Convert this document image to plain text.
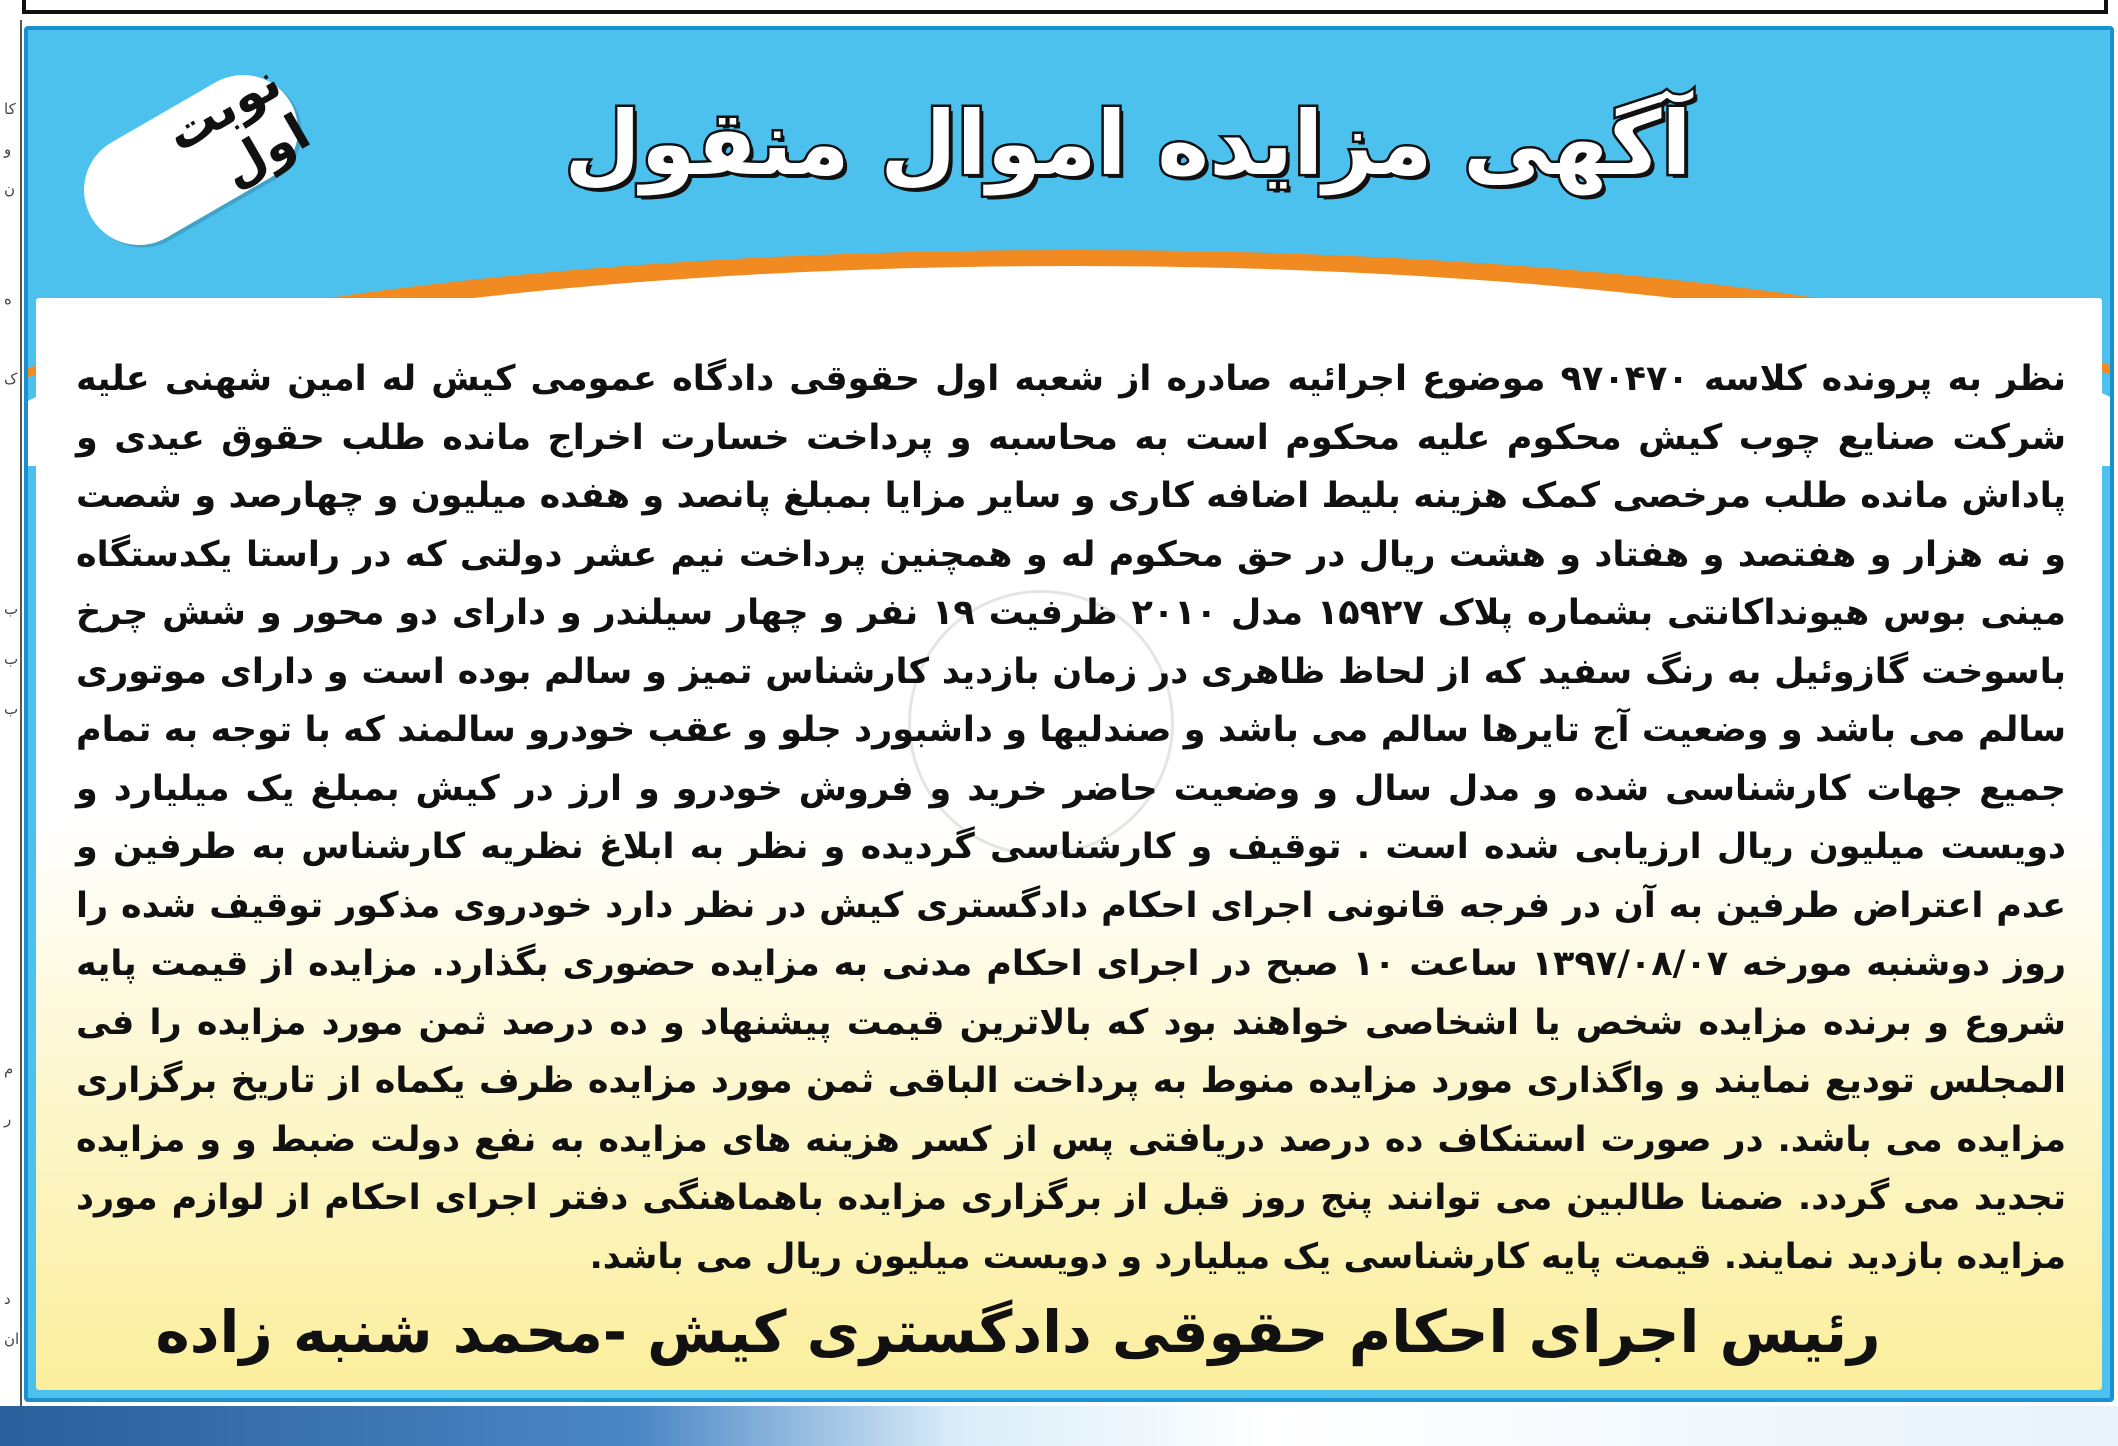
کا
و
ن
ه
ک
ب
ب
ب
م
ر
د
ان
نوبت اول	آگهی مزایده اموال منقول
نظر به پرونده کلاسه ۹۷۰۴۷۰ موضوع اجرائیه صادره از شعبه اول حقوقی دادگاه عمومی کیش له امین شهنی علیه شرکت صنایع چوب کیش محکوم علیه محکوم است به محاسبه و پرداخت خسارت اخراج مانده طلب حقوق عیدی و پاداش مانده طلب مرخصی کمک هزینه بلیط اضافه کاری و سایر مزایا بمبلغ پانصد و هفده میلیون و چهارصد و شصت و نه هزار و هفتصد و هفتاد و هشت ریال در حق محکوم له و همچنین پرداخت نیم عشر دولتی که در راستا یکدستگاه مینی بوس هیونداکانتی بشماره پلاک ۱۵۹۲۷ مدل ۲۰۱۰ ظرفیت ۱۹ نفر و چهار سیلندر و دارای دو محور و شش چرخ باسوخت گازوئیل به رنگ سفید که از لحاظ ظاهری در زمان بازدید کارشناس تمیز و سالم بوده است و دارای موتوری سالم می باشد و وضعیت آج تایرها سالم می باشد و صندلیها و داشبورد جلو و عقب خودرو سالمند که با توجه به تمام جمیع جهات کارشناسی شده و مدل سال و وضعیت حاضر خرید و فروش خودرو و ارز در کیش بمبلغ یک میلیارد و دویست میلیون ریال ارزیابی شده است . توقیف و کارشناسی گردیده و نظر به ابلاغ نظریه کارشناس به طرفین و عدم اعتراض طرفین به آن در فرجه قانونی اجرای احکام دادگستری کیش در نظر دارد خودروی مذکور توقیف شده را روز دوشنبه مورخه ۱۳۹۷/۰۸/۰۷ ساعت ۱۰ صبح در اجرای احکام مدنی به مزایده حضوری بگذارد. مزایده از قیمت پایه شروع و برنده مزایده شخص یا اشخاصی خواهند بود که بالاترین قیمت پیشنهاد و ده درصد ثمن مورد مزایده را فی المجلس تودیع نمایند و واگذاری مورد مزایده منوط به پرداخت الباقی ثمن مورد مزایده ظرف یکماه از تاریخ برگزاری مزایده می باشد. در صورت استنکاف ده درصد دریافتی پس از کسر هزینه های مزایده به نفع دولت ضبط و و مزایده تجدید می گردد. ضمنا طالبین می توانند پنج روز قبل از برگزاری مزایده باهماهنگی دفتر اجرای احکام از لوازم مورد مزایده بازدید نمایند. قیمت پایه کارشناسی یک میلیارد و دویست میلیون ریال می باشد.
رئیس اجرای احکام حقوقی دادگستری کیش -محمد شنبه زاده
